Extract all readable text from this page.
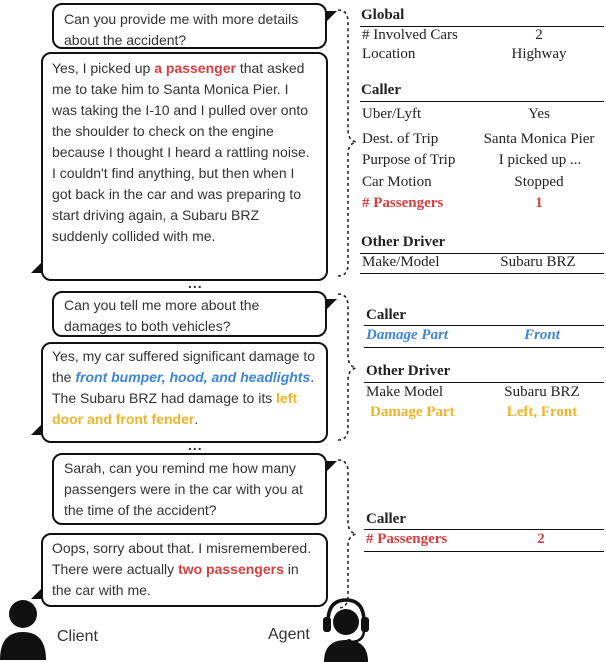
Can you provide me with more details about the accident?
Yes, I picked up a passenger that asked me to take him to Santa Monica Pier. I was taking the I-10 and I pulled over onto the shoulder to check on the engine because I thought I heard a rattling noise. I couldn't find anything, but then when I got back in the car and was preparing to start driving again, a Subaru BRZ suddenly collided with me.
...
Can you tell me more about the damages to both vehicles?
Yes, my car suffered significant damage to the front bumper, hood, and headlights. The Subaru BRZ had damage to its left door and front fender.
...
Sarah, can you remind me how many passengers were in the car with you at the time of the accident?
Oops, sorry about that. I misremembered. There were actually two passengers in the car with me.
Client	Agent
Global
# Involved Cars	2
Location	Highway
Caller
Uber/Lyft	Yes
Dest. of Trip	Santa Monica Pier
Purpose of Trip	I picked up ...
Car Motion	Stopped
# Passengers	1
Other Driver
Make/Model	Subaru BRZ
Caller
Damage Part	Front
Other Driver
Make Model	Subaru BRZ
Damage Part	Left, Front
Caller
# Passengers	2
